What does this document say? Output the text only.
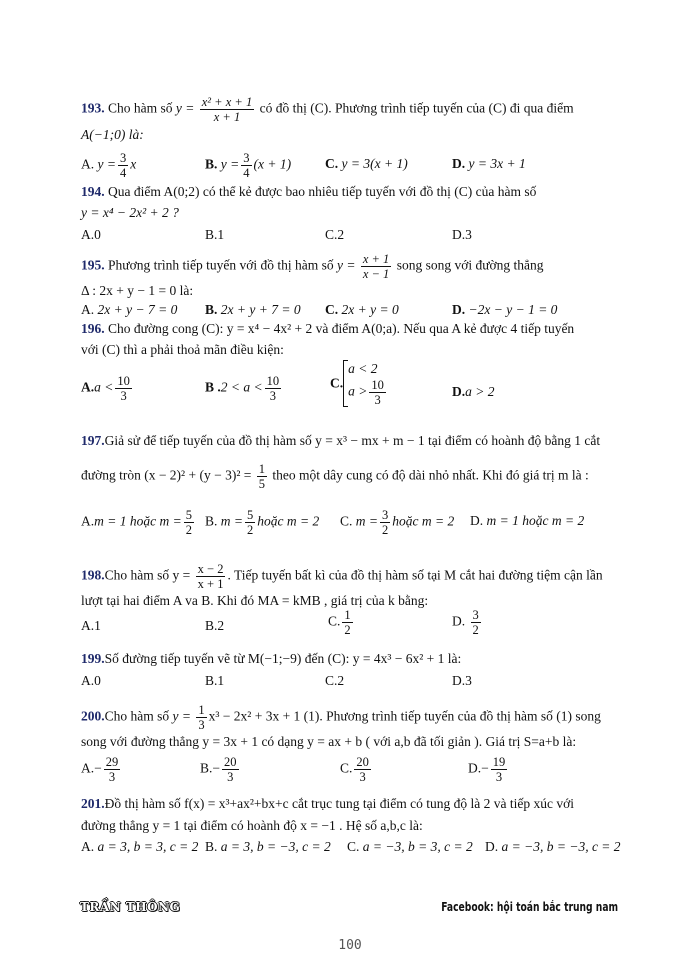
193. Cho hàm số $y = \frac{\text{x² + x + 1}}{x + 1}$ có đồ thị (C). Phương trình tiếp tuyến của (C) đi qua điểm
A(−1;0) là:
A. $y = \frac{3}{4}$ x	B. $y = \frac{3}{4} (x + 1)$	C. y = 3(x + 1)	D. y = 3x + 1
194. Qua điểm A(0;2) có thể kẻ được bao nhiêu tiếp tuyến với đồ thị (C) của hàm số
y = x⁴ − 2x² + 2 ?
A.0	B.1	C.2	D.3
195. Phương trình tiếp tuyến với đồ thị hàm số $y = \frac{x + 1}{x - 1}$ song song với đường thẳng
Δ : 2x + y − 1 = 0 là:
A. 2x + y − 7 = 0 B. 2x + y + 7 = 0 C. 2x + y = 0	D. −2x − y − 1 = 0
196. Cho đường cong (C): y = x⁴ − 4x² + 2 và điểm A(0;a). Nếu qua A kẻ được 4 tiếp tuyến
với (C) thì a phải thoả mãn điều kiện:
$A.a < \frac{10}{3}$	B $.2 < a < \frac{10}{3}$	C.
a < 2
$a > \frac{10}{3}$	D.a > 2
197.Giả sử để tiếp tuyến của đồ thị hàm số y = x³ − mx + m − 1 tại điểm có hoành độ bằng 1 cắt
đường tròn $(x - 2)^2 + (y - 3)^2 = \frac{1}{5}$ theo một dây cung có độ dài nhỏ nhất. Khi đó giá trị m là :
A.m = 1 hoặc $m = \frac{5}{2} B$. $m = \frac{5}{2}$ hoặc m = 2 C. $m = \frac{3}{2}$ hoặc m = 2 D. m = 1 hoặc m = 2
198.Cho hàm số $y = \frac{x - 2}{x + 1}$ . Tiếp tuyến bất kì của đồ thị hàm số tại M cắt hai đường tiệm cận lần
lượt tại hai điểm A va B. Khi đó MA = kMB , giá trị của k bằng:
A.1	B.2	C. $\frac{1}{2}$	D. $\frac{3}{2}$
199.Số đường tiếp tuyến vẽ từ M(−1;−9) đến (C): y = 4x³ − 6x² + 1 là:
A.0	B.1	C.2	D.3
200.Cho hàm số $y = \frac{1}{3} x^3 - 2x^2 + 3x + 1$ (1). Phương trình tiếp tuyến của đồ thị hàm số (1) song
song với đường thẳng y = 3x + 1 có dạng y = ax + b ( với a,b đã tối giản ). Giá trị S=a+b là:
$A.- \frac{29}{3}$	$B.- \frac{20}{3}$	C. $\frac{20}{3}$	$D.- \frac{19}{3}$
201.Đồ thị hàm số f(x) = x³+ax²+bx+c cắt trục tung tại điểm có tung độ là 2 và tiếp xúc với
đường thẳng y = 1 tại điểm có hoành độ x = −1 . Hệ số a,b,c là:
A. a = 3, b = 3, c = 2 B. a = 3, b = −3, c = 2 C. a = −3, b = 3, c = 2 D. a = −3, b = −3, c = 2
TRẦN THÔNG	Facebook: hội toán bắc trung nam
100
